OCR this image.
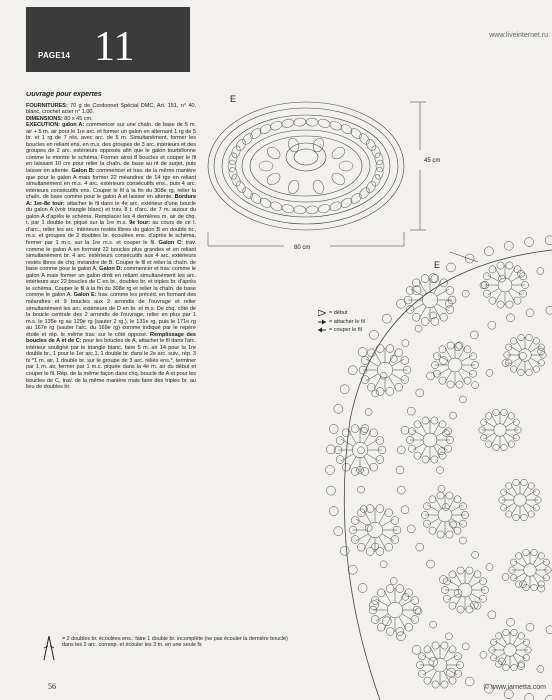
PAGE14 11	www.liveinternet.ru
Ouvrage pour expertes

FOURNITURES: 70 g de Cordonnet Spécial DMC, Art. 151, n° 40, blanc, crochet acier n° 1,00.

DIMENSIONS: 80 x 45 cm.

EXECUTION: galon A: commencer sur une chaîn. de base de 5 m. air + 5 m. air pour le 1re arc. et former un galon en alternant 1 rg de 5 br. et 1 rg de 7 rés. avec arc. de 5 m. Simultanément, former les boucles en reliant ens. en m.s. des groupes de 3 arc. intérieurs et des groupes de 2 arc. extérieurs opposés afin que le galon tourbillonne comme le montre le schéma. Former ainsi 8 boucles et couper le fil en laissant 10 cm pour relier la chaîn. de base au rit de surjet, puis laisser en attente. Galon B: commencer et trav. de la même manière que pour le galon A mais former 22 méandres de 14 rgs en reliant simultanément en m.s. 4 arc. extérieurs consécutifs ens., puis 4 arc. intérieurs consécutifs ens. Couper le fil à la fin du 308e rg, relier la chaîn. de base comme pour le galon A et laisser en attente. Bordure A: 1er-8e tour: attacher le fil dans le 4e arc. extérieur d'une boucle du galon A (voir triangle blanc) et trav. 8 t. d'arc. de 7 m. autour du galon A d'après le schéma. Remplacer les 4 dernières m. air de chq. t. par 1 double br. piqué sur la 1re m.s. 9e tour: au cours de ce t. d'arc., relier les arc. intérieurs restés libres du galon B en double br., m.s. et groupes de 2 doubles br. écoulées ens. d'après le schéma, fermer par 1 m.c. sur la 1re m.s. et couper le fil. Galon C: trav. comme le galon A en formant 22 boucles plus grandes et en reliant simultanément br. 4 arc. extérieurs consécutifs aux 4 arc. extérieurs restés libres de chq. méandre de B. Couper le fil et relier la chaîn. de base comme pour le galon A. Galon D: commencer et trav. comme le galon A mais former un galon droit en reliant simultanément les arc. intérieurs aux 22 boucles de C en br., doubles br. et triples br. d'après le schéma. Couper le fil à la fin du 308e rg et relier la chaîn. de base comme le galon A. Galon E: trav. comme les précéd. en formant des méandres et 9 boucles aux 2 arrondis de l'ouvrage et relier simultanément les arc. extérieurs de D en br. et m.s. De chq. côté de la boucle centrale des 2 arrondis de l'ouvrage, relier en plus par 1 m.s. le 135e rg au 129e rg (sauter 2 rg.), le 131e rg, puis le 171e rg au 167e rg (sauter l'arc. du 169e rg) comme indiqué par le repère étoile et rép. le même trav. sur le côté opposé. Remplissage des boucles de A et de C: pour les boucles de A, attacher le fil dans l'arc. intérieur souligné par le triangle blanc, faire 5 m. air 14 pour la 1re double br., 1 pour le 1er arc.1, 1 double br. dans le 2e arc. suiv., rép. 3 fs *1 m. air, 1 double br. sur le groupe de 3 arc. reliés ens.*, terminer par 1 m. air, fermer par 1 m.c. piquée dans la 4e m. air du début et couper le fil. Rép. de la même façon dans chq. boucle de A et pour les boucles de C, trav. de la même manière mais faire des triples br. au lieu de doubles br.

80 cm
45 cm
E
E
= début
= attacher le fil
= couper le fil
= 2 doubles br. écoulées ens.: faire 1 double br. incomplète (ne pas écouler la dernière boucle) dans les 2 arc. corresp. et écouler les 3 m. en une seule fs
56	© www.iarnetta.com
